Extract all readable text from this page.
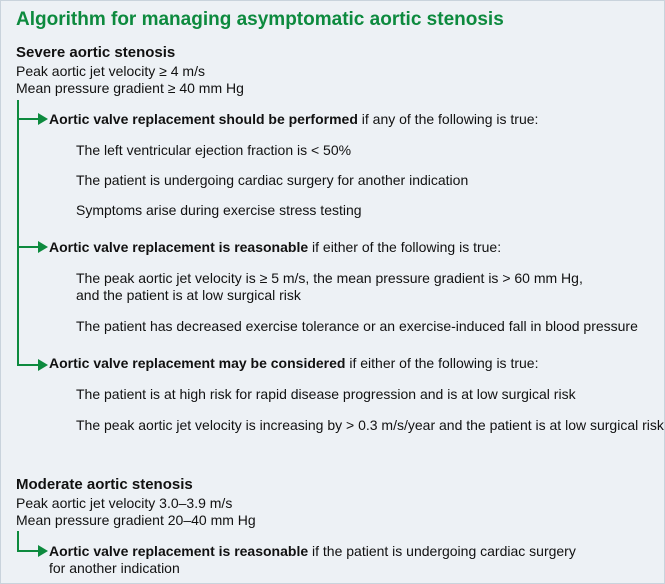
Algorithm for managing asymptomatic aortic stenosis
Severe aortic stenosis
Peak aortic jet velocity ≥ 4 m/s
Mean pressure gradient ≥ 40 mm Hg
Aortic valve replacement should be performed if any of the following is true:
The left ventricular ejection fraction is < 50%
The patient is undergoing cardiac surgery for another indication
Symptoms arise during exercise stress testing
Aortic valve replacement is reasonable if either of the following is true:
The peak aortic jet velocity is ≥ 5 m/s, the mean pressure gradient is > 60 mm Hg,
and the patient is at low surgical risk
The patient has decreased exercise tolerance or an exercise-induced fall in blood pressure
Aortic valve replacement may be considered if either of the following is true:
The patient is at high risk for rapid disease progression and is at low surgical risk
The peak aortic jet velocity is increasing by > 0.3 m/s/year and the patient is at low surgical risk
Moderate aortic stenosis
Peak aortic jet velocity 3.0–3.9 m/s
Mean pressure gradient 20–40 mm Hg
Aortic valve replacement is reasonable if the patient is undergoing cardiac surgery
for another indication
